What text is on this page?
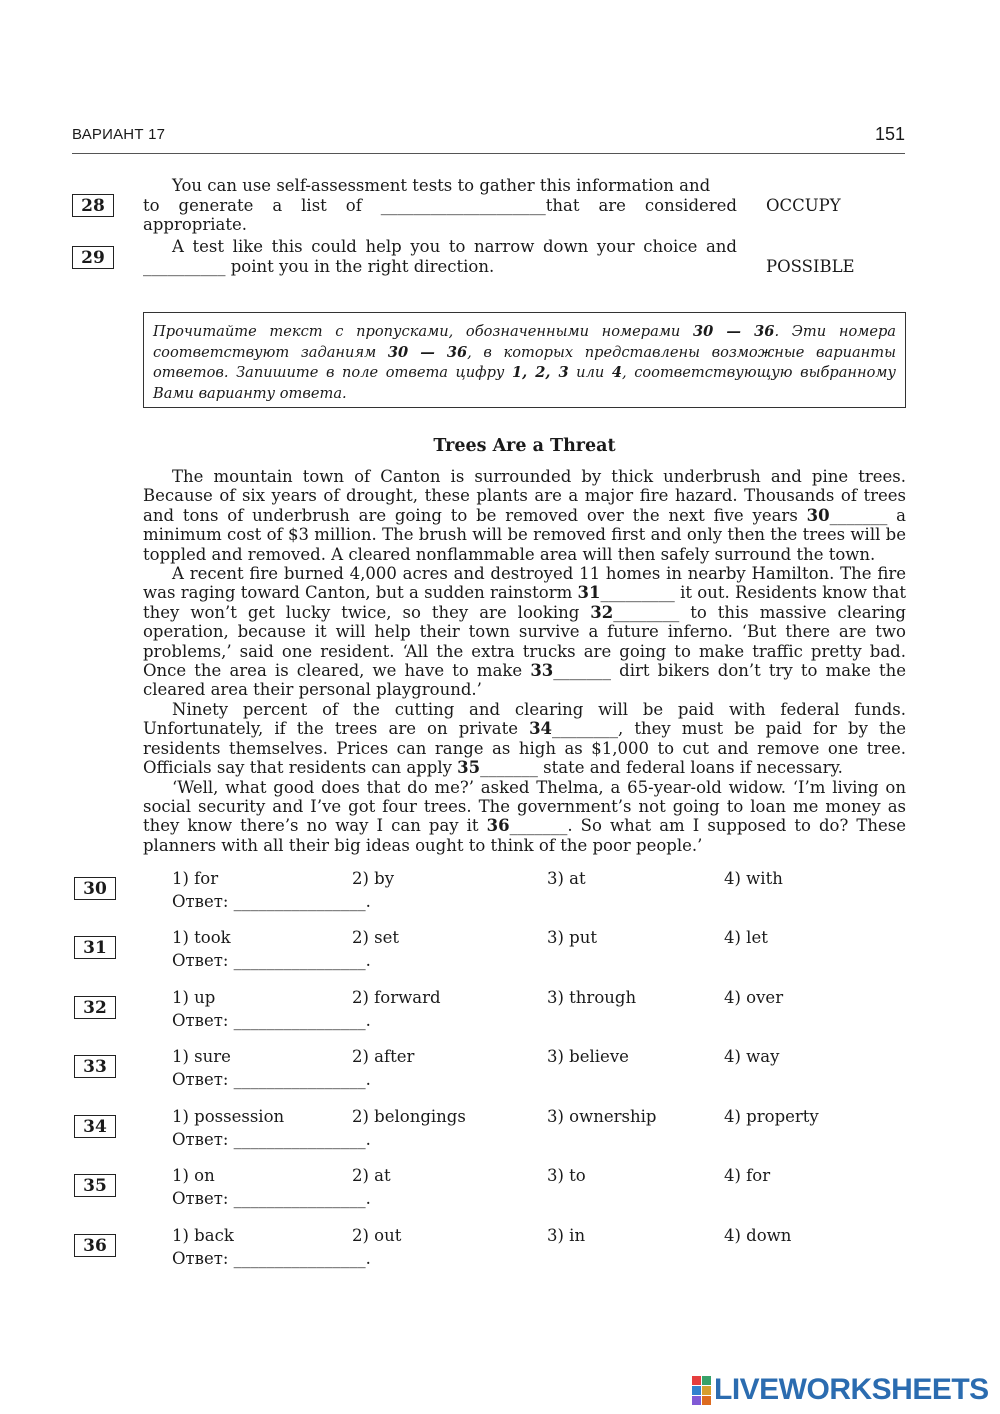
ВАРИАНТ 17	151
28
You can use self-assessment tests to gather this information and
to generate a list of ____________________that are considered
appropriate.
OCCUPY
29
A test like this could help you to narrow down your choice and
__________ point you in the right direction.	POSSIBLE
Прочитайте текст с пропусками, обозначенными номерами 30 — 36. Эти номера соответствуют заданиям 30 — 36, в которых представлены возможные варианты ответов. Запишите в поле ответа цифру 1, 2, 3 или 4, соответствующую выбранному Вами варианту ответа.
Trees Are a Threat

The mountain town of Canton is surrounded by thick underbrush and pine trees. Because of six years of drought, these plants are a major fire hazard. Thousands of trees and tons of underbrush are going to be removed over the next five years 30_______ a minimum cost of $3 million. The brush will be removed first and only then the trees will be toppled and removed. A cleared nonflammable area will then safely surround the town.

A recent fire burned 4,000 acres and destroyed 11 homes in nearby Hamilton. The fire was raging toward Canton, but a sudden rainstorm 31_________ it out. Residents know that they won’t get lucky twice, so they are looking 32________ to this massive clearing operation, because it will help their town survive a future inferno. ‘But there are two problems,’ said one resident. ‘All the extra trucks are going to make traffic pretty bad. Once the area is cleared, we have to make 33_______ dirt bikers don’t try to make the cleared area their personal playground.’

Ninety percent of the cutting and clearing will be paid with federal funds. Unfortunately, if the trees are on private 34________, they must be paid for by the residents themselves. Prices can range as high as $1,000 to cut and remove one tree. Officials say that residents can apply 35_______ state and federal loans if necessary.

‘Well, what good does that do me?’ asked Thelma, a 65-year-old widow. ‘I’m living on social security and I’ve got four trees. The government’s not going to loan me money as they know there’s no way I can pay it 36_______. So what am I supposed to do? These planners with all their big ideas ought to think of the poor people.’

30	1) for	2) by	3) at	4) with
Ответ: ________________.
31	1) took	2) set	3) put	4) let
Ответ: ________________.
32	1) up	2) forward	3) through	4) over
Ответ: ________________.
33	1) sure	2) after	3) believe	4) way
Ответ: ________________.
34	1) possession	2) belongings	3) ownership	4) property
Ответ: ________________.
35	1) on	2) at	3) to	4) for
Ответ: ________________.
36	1) back	2) out	3) in	4) down
Ответ: ________________.
LIVEWORKSHEETS
